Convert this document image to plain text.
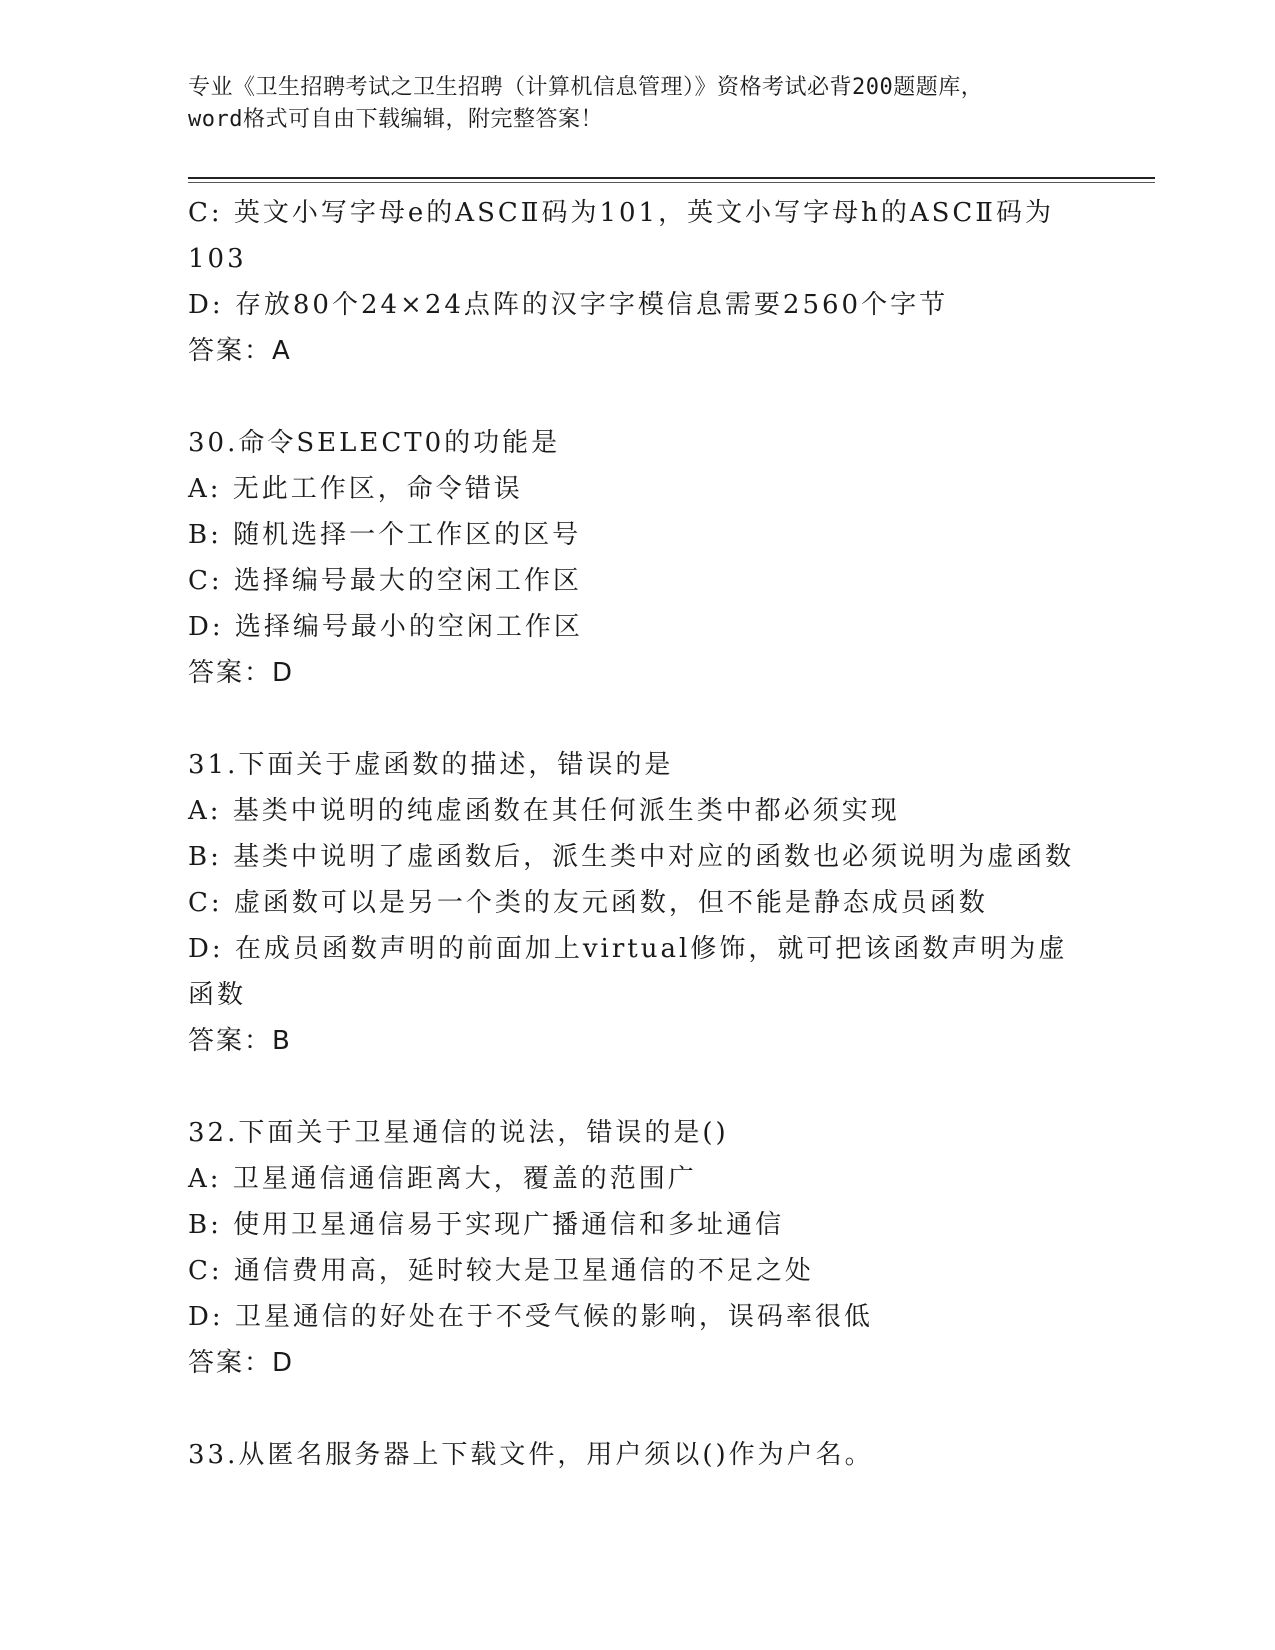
专业《卫生招聘考试之卫生招聘（计算机信息管理）》资格考试必背200题题库，
word格式可自由下载编辑，附完整答案！
C: 英文小写字母e的ASCⅡ码为101，英文小写字母h的ASCⅡ码为
103
D: 存放80个24×24点阵的汉字字模信息需要2560个字节
答案：A
30.命令SELECT0的功能是
A: 无此工作区，命令错误
B: 随机选择一个工作区的区号
C: 选择编号最大的空闲工作区
D: 选择编号最小的空闲工作区
答案：D
31.下面关于虚函数的描述，错误的是
A: 基类中说明的纯虚函数在其任何派生类中都必须实现
B: 基类中说明了虚函数后，派生类中对应的函数也必须说明为虚函数
C: 虚函数可以是另一个类的友元函数，但不能是静态成员函数
D: 在成员函数声明的前面加上virtual修饰，就可把该函数声明为虚
函数
答案：B
32.下面关于卫星通信的说法，错误的是()
A: 卫星通信通信距离大，覆盖的范围广
B: 使用卫星通信易于实现广播通信和多址通信
C: 通信费用高，延时较大是卫星通信的不足之处
D: 卫星通信的好处在于不受气候的影响，误码率很低
答案：D
33.从匿名服务器上下载文件，用户须以()作为户名。
